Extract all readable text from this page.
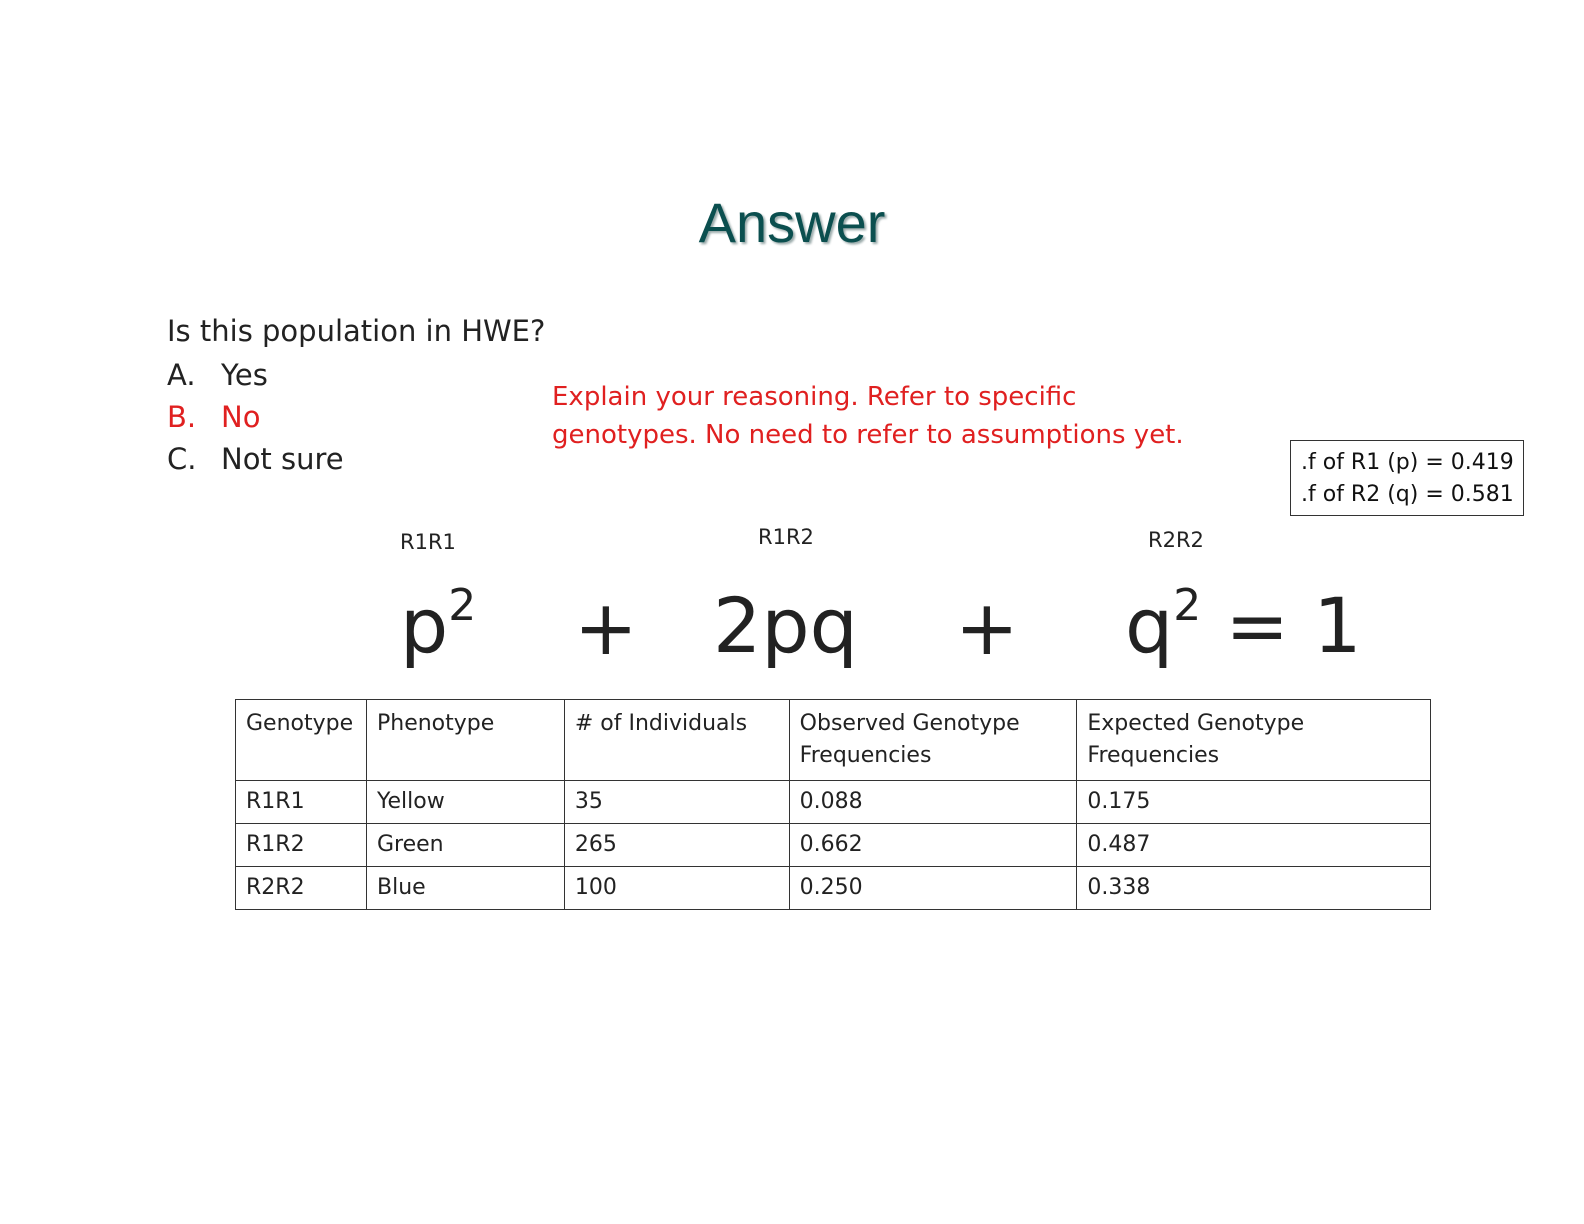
Answer
Is this population in HWE?
A. Yes
B. No
C. Not sure
Explain your reasoning. Refer to specific
genotypes. No need to refer to assumptions yet.
.f of R1 (p) = 0.419
.f of R2 (q) = 0.581
R1R1	R1R2	R2R2
$p^2 + 2pq + q^2 = 1$
Genotype	Phenotype	# of Individuals	Observed Genotype Frequencies	Expected Genotype Frequencies
R1R1	Yellow	35	0.088	0.175
R1R2	Green	265	0.662	0.487
R2R2	Blue	100	0.250	0.338
